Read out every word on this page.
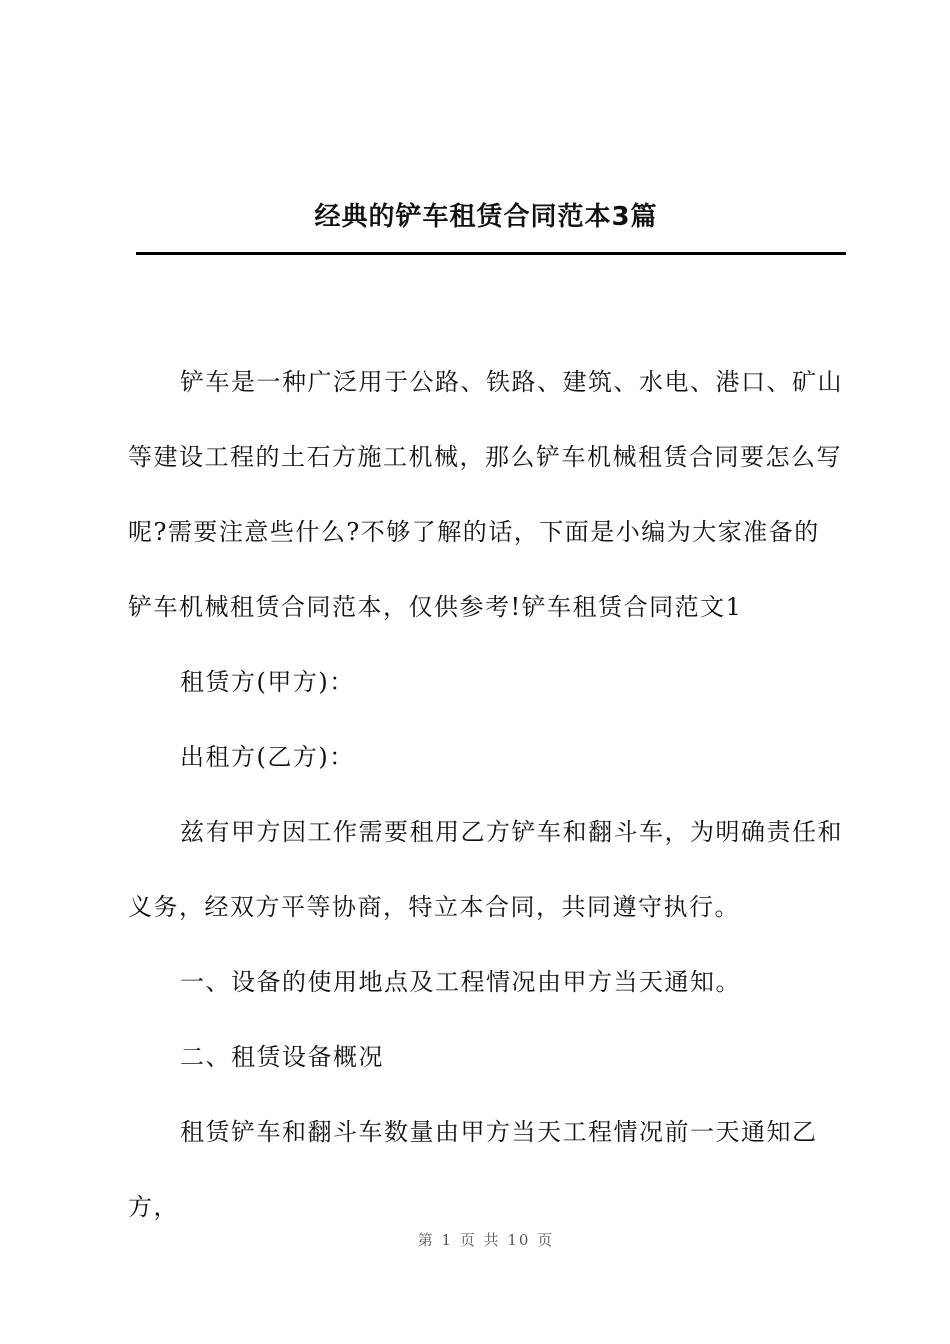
经典的铲车租赁合同范本3篇

铲车是一种广泛用于公路、铁路、建筑、水电、港口、矿山等建设工程的土石方施工机械，那么铲车机械租赁合同要怎么写呢?需要注意些什么?不够了解的话，下面是小编为大家准备的铲车机械租赁合同范本，仅供参考!铲车租赁合同范文1

租赁方(甲方)：

出租方(乙方)：

兹有甲方因工作需要租用乙方铲车和翻斗车，为明确责任和义务，经双方平等协商，特立本合同，共同遵守执行。

一、设备的使用地点及工程情况由甲方当天通知。

二、租赁设备概况

租赁铲车和翻斗车数量由甲方当天工程情况前一天通知乙方，

第 1 页 共 10 页
